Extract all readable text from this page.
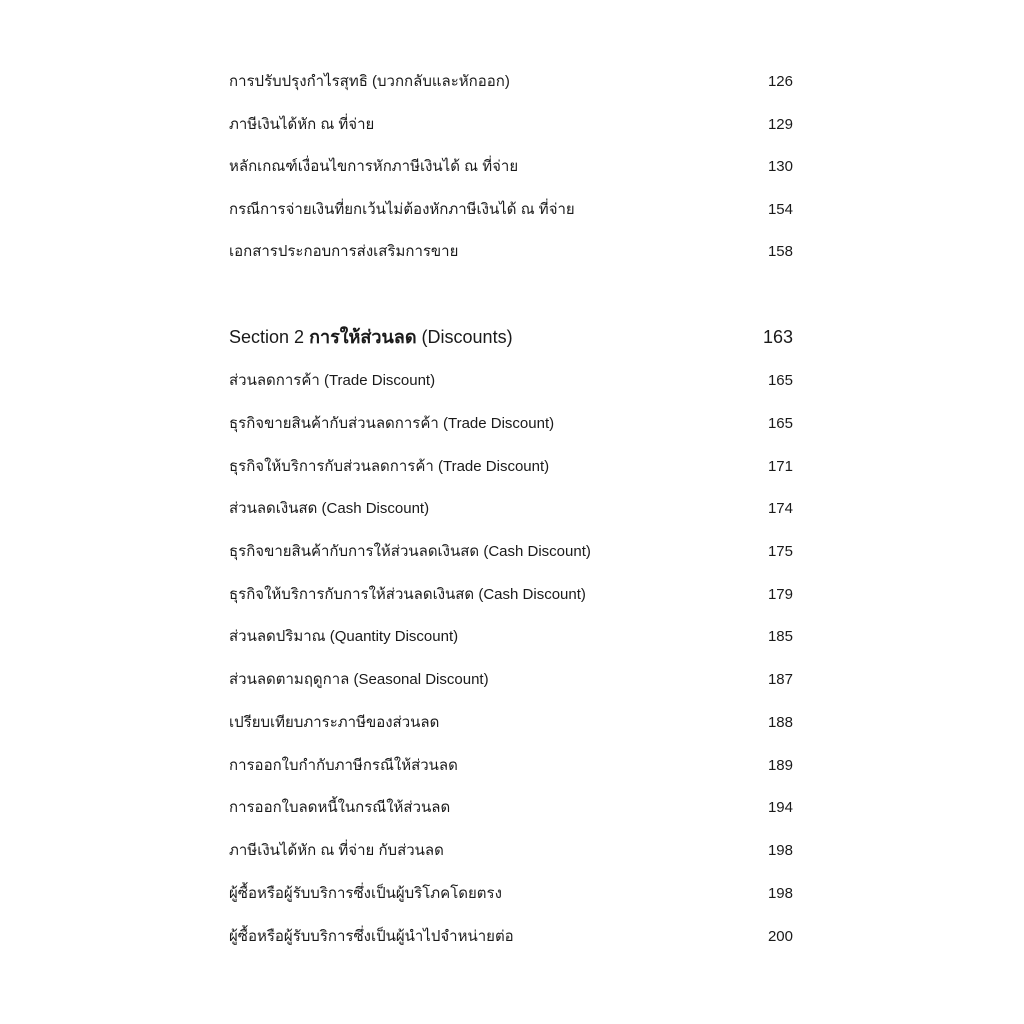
การปรับปรุงกำไรสุทธิ (บวกกลับและหักออก)	126
ภาษีเงินได้หัก ณ ที่จ่าย	129
หลักเกณฑ์เงื่อนไขการหักภาษีเงินได้ ณ ที่จ่าย	130
กรณีการจ่ายเงินที่ยกเว้นไม่ต้องหักภาษีเงินได้ ณ ที่จ่าย	154
เอกสารประกอบการส่งเสริมการขาย	158
Section 2 การให้ส่วนลด (Discounts)	163
ส่วนลดการค้า (Trade Discount)	165
ธุรกิจขายสินค้ากับส่วนลดการค้า (Trade Discount)	165
ธุรกิจให้บริการกับส่วนลดการค้า (Trade Discount)	171
ส่วนลดเงินสด (Cash Discount)	174
ธุรกิจขายสินค้ากับการให้ส่วนลดเงินสด (Cash Discount)	175
ธุรกิจให้บริการกับการให้ส่วนลดเงินสด (Cash Discount)	179
ส่วนลดปริมาณ (Quantity Discount)	185
ส่วนลดตามฤดูกาล (Seasonal Discount)	187
เปรียบเทียบภาระภาษีของส่วนลด	188
การออกใบกำกับภาษีกรณีให้ส่วนลด	189
การออกใบลดหนี้ในกรณีให้ส่วนลด	194
ภาษีเงินได้หัก ณ ที่จ่าย กับส่วนลด	198
ผู้ซื้อหรือผู้รับบริการซึ่งเป็นผู้บริโภคโดยตรง	198
ผู้ซื้อหรือผู้รับบริการซึ่งเป็นผู้นำไปจำหน่ายต่อ	200
